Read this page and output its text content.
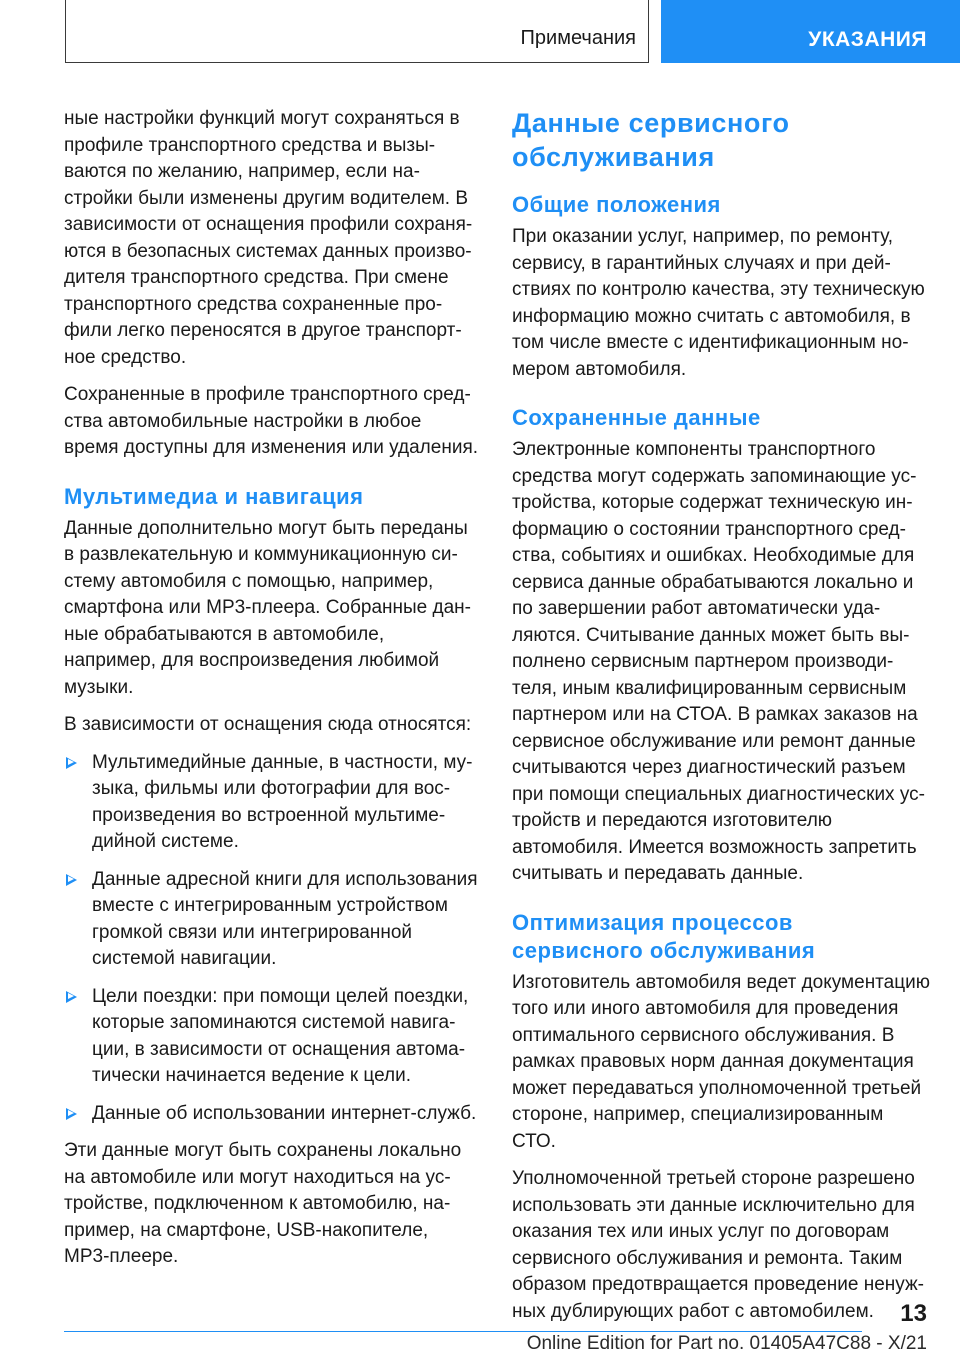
Примечания	УКАЗАНИЯ

ные настройки функций могут сохраняться в профиле транспортного средства и вызываются по желанию, например, если настройки были изменены другим водителем. В зависимости от оснащения профили сохраняются в безопасных системах данных производителя транспортного средства. При смене транспортного средства сохраненные профили легко переносятся в другое транспортное средство.

Сохраненные в профиле транспортного средства автомобильные настройки в любое время доступны для изменения или удаления.

Мультимедиа и навигация

Данные дополнительно могут быть переданы в развлекательную и коммуникационную систему автомобиля с помощью, например, смартфона или MP3-плеера. Собранные данные обрабатываются в автомобиле, например, для воспроизведения любимой музыки.

В зависимости от оснащения сюда относятся:

Мультимедийные данные, в частности, музыка, фильмы или фотографии для воспроизведения во встроенной мультимедийной системе.
Данные адресной книги для использования вместе с интегрированным устройством громкой связи или интегрированной системой навигации.
Цели поездки: при помощи целей поездки, которые запоминаются системой навигации, в зависимости от оснащения автоматически начинается ведение к цели.
Данные об использовании интернет-служб.

Эти данные могут быть сохранены локально на автомобиле или могут находиться на устройстве, подключенном к автомобилю, например, на смартфоне, USB-накопителе, MP3-плеере.

Данные сервисного обслуживания
Общие положения

При оказании услуг, например, по ремонту, сервису, в гарантийных случаях и при действиях по контролю качества, эту техническую информацию можно считать с автомобиля, в том числе вместе с идентификационным номером автомобиля.

Сохраненные данные

Электронные компоненты транспортного средства могут содержать запоминающие устройства, которые содержат техническую информацию о состоянии транспортного средства, событиях и ошибках. Необходимые для сервиса данные обрабатываются локально и по завершении работ автоматически удаляются. Считывание данных может быть выполнено сервисным партнером производителя, иным квалифицированным сервисным партнером или на СТОА. В рамках заказов на сервисное обслуживание или ремонт данные считываются через диагностический разъем при помощи специальных диагностических устройств и передаются изготовителю автомобиля. Имеется возможность запретить считывать и передавать данные.

Оптимизация процессов сервисного обслуживания

Изготовитель автомобиля ведет документацию того или иного автомобиля для проведения оптимального сервисного обслуживания. В рамках правовых норм данная документация может передаваться уполномоченной третьей стороне, например, специализированным СТО.

Уполномоченной третьей стороне разрешено использовать эти данные исключительно для оказания тех или иных услуг по договорам сервисного обслуживания и ремонта. Таким образом предотвращается проведение ненужных дублирующих работ с автомобилем.	13
Online Edition for Part no. 01405A47C88 - X/21
